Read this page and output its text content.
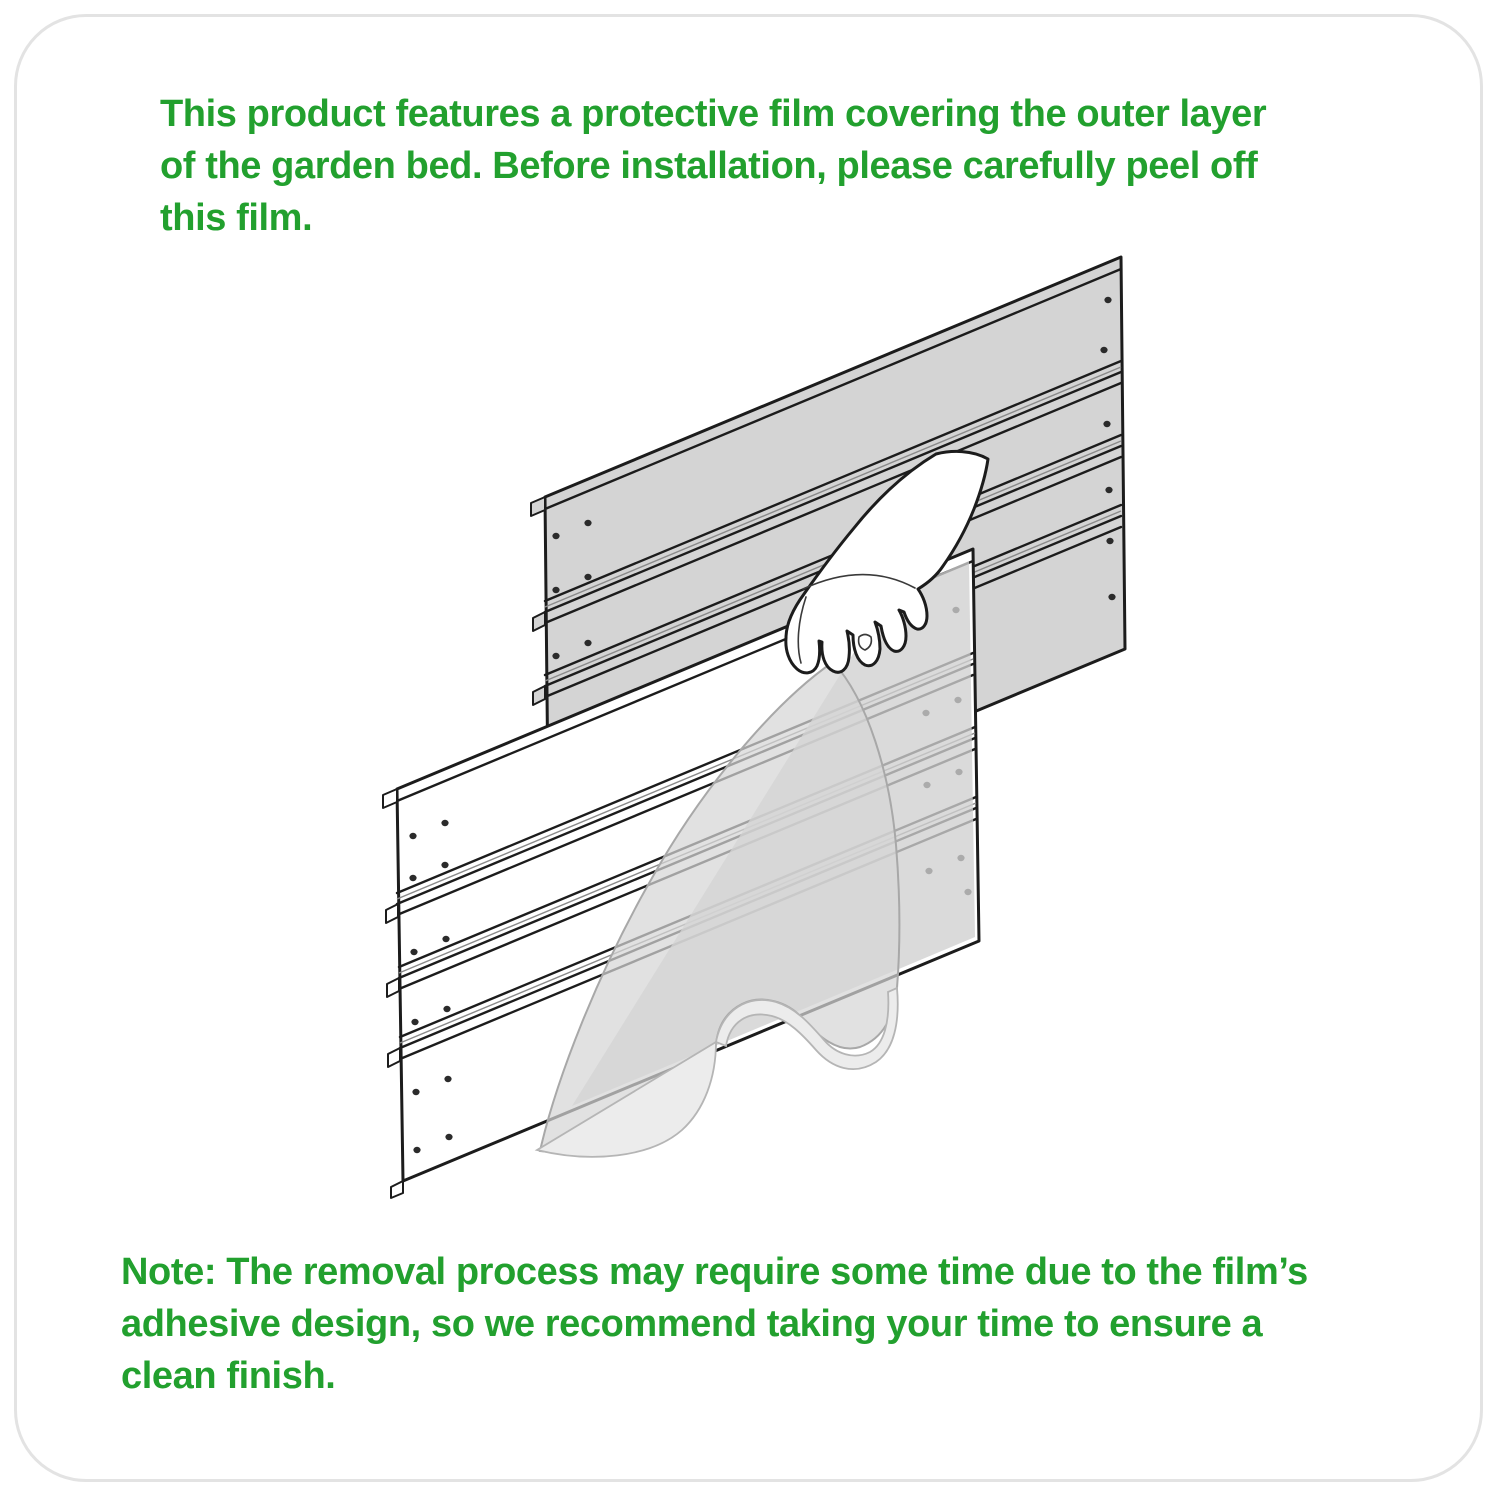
This product features a protective film covering the outer layer
of the garden bed. Before installation, please carefully peel off
this film.
Note: The removal process may require some time due to the film’s
adhesive design, so we recommend taking your time to ensure a
clean finish.
